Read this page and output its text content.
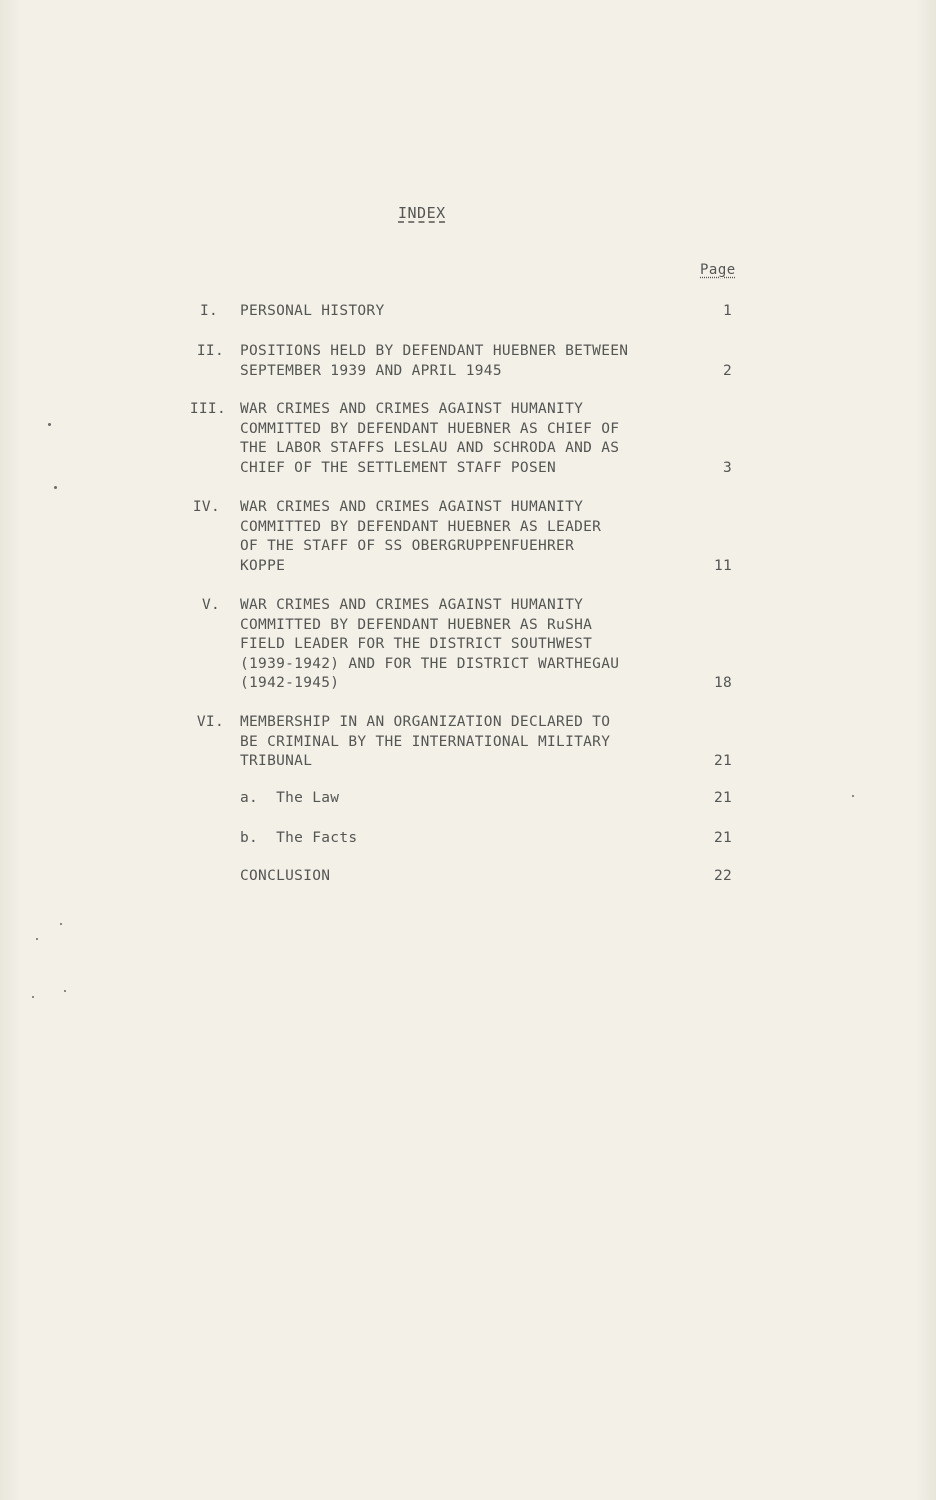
INDEX
Page
I. PERSONAL HISTORY	1
II. POSITIONS HELD BY DEFENDANT HUEBNER BETWEEN
SEPTEMBER 1939 AND APRIL 1945	2
III. WAR CRIMES AND CRIMES AGAINST HUMANITY
COMMITTED BY DEFENDANT HUEBNER AS CHIEF OF
THE LABOR STAFFS LESLAU AND SCHRODA AND AS
CHIEF OF THE SETTLEMENT STAFF POSEN	3
IV. WAR CRIMES AND CRIMES AGAINST HUMANITY
COMMITTED BY DEFENDANT HUEBNER AS LEADER
OF THE STAFF OF SS OBERGRUPPENFUEHRER
KOPPE	11
V. WAR CRIMES AND CRIMES AGAINST HUMANITY
COMMITTED BY DEFENDANT HUEBNER AS RuSHA
FIELD LEADER FOR THE DISTRICT SOUTHWEST
(1939-1942) AND FOR THE DISTRICT WARTHEGAU
(1942-1945)	18
VI. MEMBERSHIP IN AN ORGANIZATION DECLARED TO
BE CRIMINAL BY THE INTERNATIONAL MILITARY
TRIBUNAL	21
a.  The Law	21
b.  The Facts	21
CONCLUSION	22
